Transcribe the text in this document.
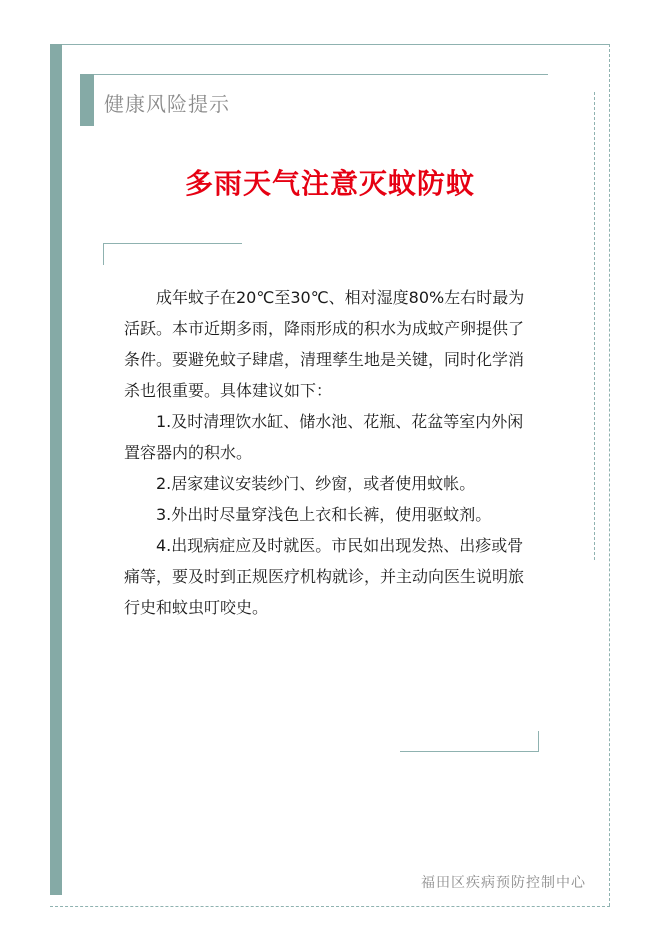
健康风险提示
多雨天气注意灭蚊防蚊

成年蚊子在20℃至30℃、相对湿度80%左右时最为活跃。本市近期多雨，降雨形成的积水为成蚊产卵提供了条件。要避免蚊子肆虐，清理孳生地是关键，同时化学消杀也很重要。具体建议如下：

1.及时清理饮水缸、储水池、花瓶、花盆等室内外闲置容器内的积水。

2.居家建议安装纱门、纱窗，或者使用蚊帐。

3.外出时尽量穿浅色上衣和长裤，使用驱蚊剂。

4.出现病症应及时就医。市民如出现发热、出疹或骨痛等，要及时到正规医疗机构就诊，并主动向医生说明旅行史和蚊虫叮咬史。

福田区疾病预防控制中心
